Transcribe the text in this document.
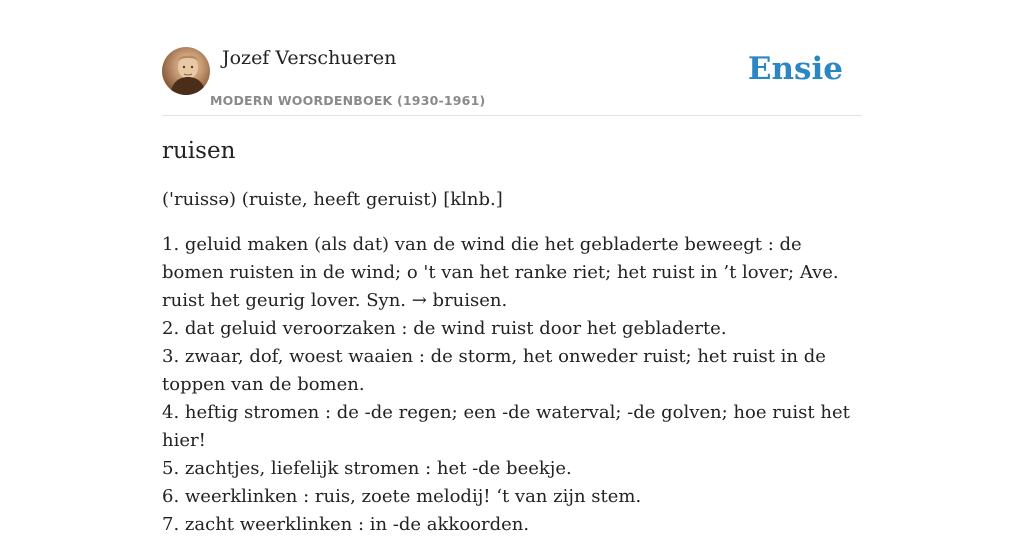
Jozef Verschueren
MODERN WOORDENBOEK (1930-1961)
Ensie
ruisen

('ruissə) (ruiste, heeft geruist) [klnb.]

1. geluid maken (als dat) van de wind die het gebladerte beweegt : de bomen ruisten in de wind; o 't van het ranke riet; het ruist in ’t lover; Ave. ruist het geurig lover. Syn. → bruisen.

2. dat geluid veroorzaken : de wind ruist door het gebladerte.

3. zwaar, dof, woest waaien : de storm, het onweder ruist; het ruist in de toppen van de bomen.

4. heftig stromen : de -de regen; een -de waterval; -de golven; hoe ruist het hier!

5. zachtjes, liefelijk stromen : het -de beekje.

6. weerklinken : ruis, zoete melodij! ‘t van zijn stem.

7. zacht weerklinken : in -de akkoorden.
